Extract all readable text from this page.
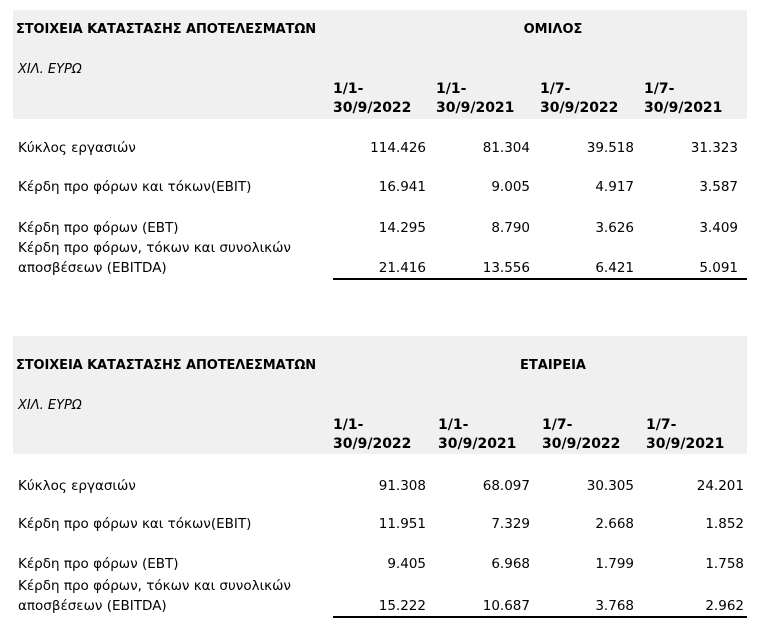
ΣΤΟΙΧΕΙΑ ΚΑΤΑΣΤΑΣΗΣ ΑΠΟΤΕΛΕΣΜΑΤΩΝ	ΟΜΙΛΟΣ
ΧΙΛ. ΕΥΡΩ
1/1-
30/9/2022
1/1-
30/9/2021
1/7-
30/9/2022
1/7-
30/9/2021
Κύκλος εργασιών	114.426	81.304	39.518	31.323
Κέρδη προ φόρων και τόκων(EBIT)	16.941	9.005	4.917	3.587
Κέρδη προ φόρων (ΕΒΤ)	14.295	8.790	3.626	3.409
Κέρδη προ φόρων, τόκων και συνολικών
αποσβέσεων (EBITDA)	21.416	13.556	6.421	5.091
ΣΤΟΙΧΕΙΑ ΚΑΤΑΣΤΑΣΗΣ ΑΠΟΤΕΛΕΣΜΑΤΩΝ	ΕΤΑΙΡΕΙΑ
ΧΙΛ. ΕΥΡΩ
1/1-
30/9/2022
1/1-
30/9/2021
1/7-
30/9/2022
1/7-
30/9/2021
Κύκλος εργασιών	91.308	68.097	30.305	24.201
Κέρδη προ φόρων και τόκων(EBIT)	11.951	7.329	2.668	1.852
Κέρδη προ φόρων (ΕΒΤ)	9.405	6.968	1.799	1.758
Κέρδη προ φόρων, τόκων και συνολικών
αποσβέσεων (EBITDA)	15.222	10.687	3.768	2.962
